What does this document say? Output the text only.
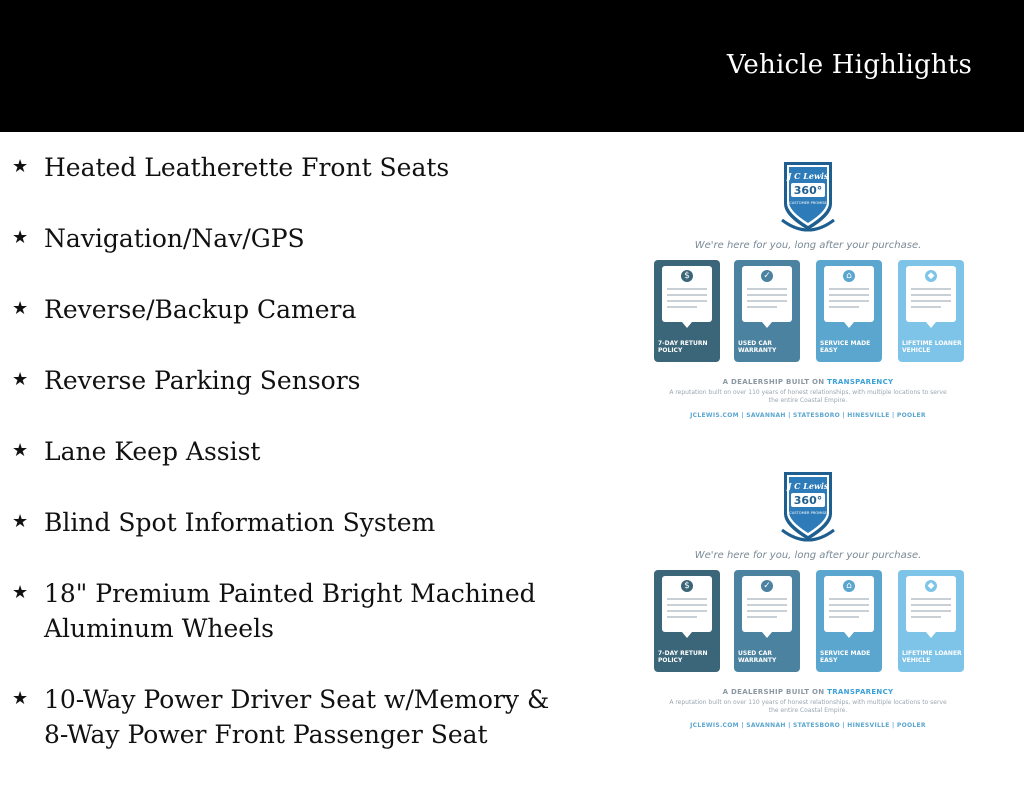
Vehicle Highlights
★ Heated Leatherette Front Seats
★ Navigation/Nav/GPS
★ Reverse/Backup Camera
★ Reverse Parking Sensors
★ Lane Keep Assist
★ Blind Spot Information System
★ 18" Premium Painted Bright Machined Aluminum Wheels
★ 10-Way Power Driver Seat w/Memory & 8-Way Power Front Passenger Seat
J C Lewis
360°
CUSTOMER PROMISE
We're here for you, long after your purchase.
$
7-DAY RETURN POLICY
✓
USED CAR WARRANTY
⌂
SERVICE MADE EASY
◆
LIFETIME LOANER VEHICLE
A DEALERSHIP BUILT ON TRANSPARENCY
A reputation built on over 110 years of honest relationships, with multiple locations to serve the entire Coastal Empire.
JCLEWIS.COM | SAVANNAH | STATESBORO | HINESVILLE | POOLER
J C Lewis
360°
CUSTOMER PROMISE
We're here for you, long after your purchase.
$
7-DAY RETURN POLICY
✓
USED CAR WARRANTY
⌂
SERVICE MADE EASY
◆
LIFETIME LOANER VEHICLE
A DEALERSHIP BUILT ON TRANSPARENCY
A reputation built on over 110 years of honest relationships, with multiple locations to serve the entire Coastal Empire.
JCLEWIS.COM | SAVANNAH | STATESBORO | HINESVILLE | POOLER
